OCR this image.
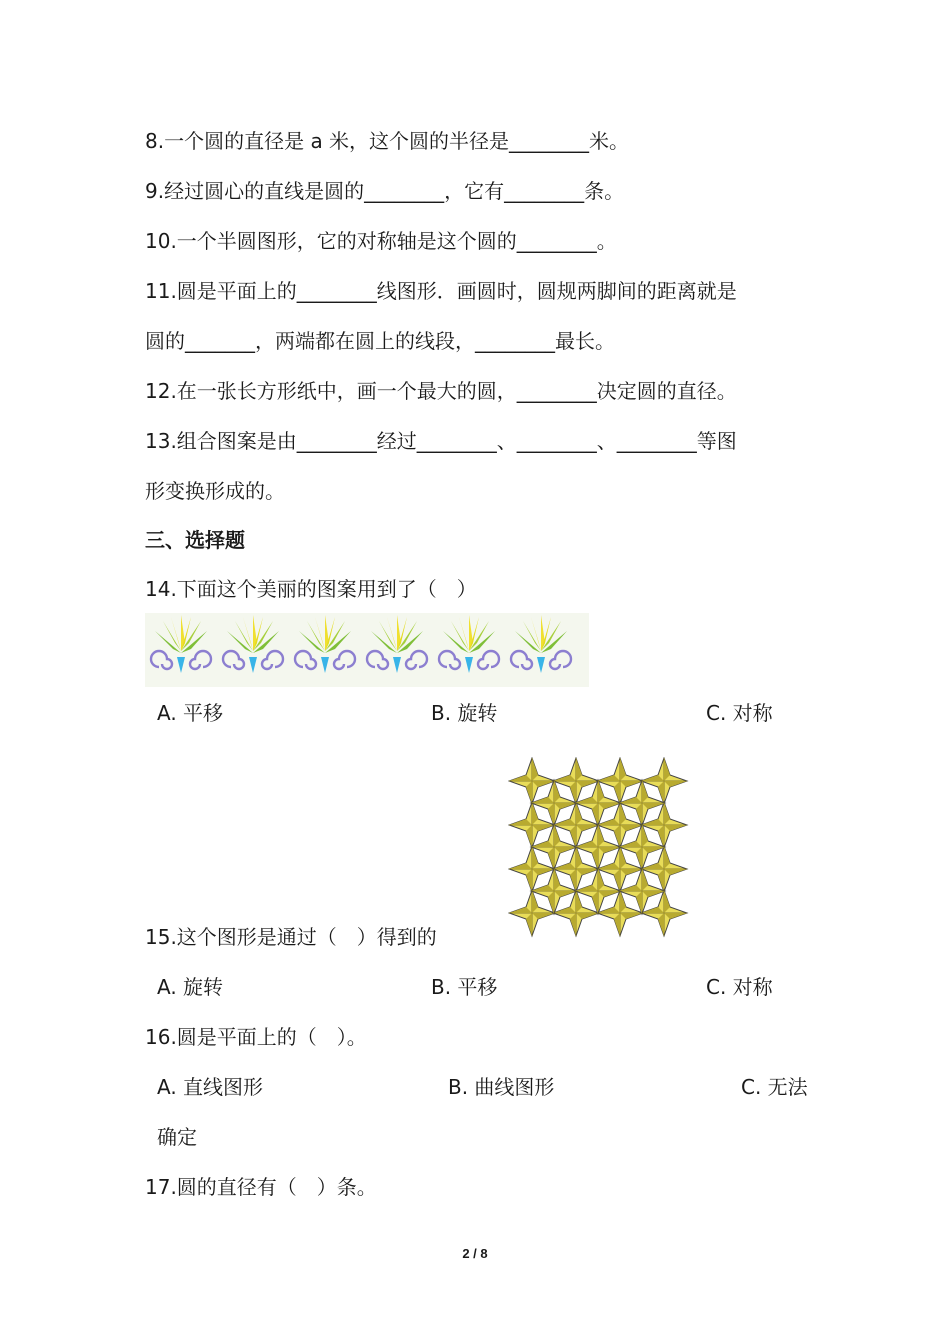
8.一个圆的直径是 a 米，这个圆的半径是________米。
9.经过圆心的直线是圆的________，它有________条。
10.一个半圆图形，它的对称轴是这个圆的________。
11.圆是平面上的________线图形．画圆时，圆规两脚间的距离就是
圆的_______，两端都在圆上的线段，________最长。
12.在一张长方形纸中，画一个最大的圆，________决定圆的直径。
13.组合图案是由________经过________、________、________等图
形变换形成的。
三、选择题
14.下面这个美丽的图案用到了（　）
A. 平移	B. 旋转	C. 对称
15.这个图形是通过（　）得到的
A. 旋转	B. 平移	C. 对称
16.圆是平面上的（　）。
A. 直线图形	B. 曲线图形	C. 无法
确定
17.圆的直径有（　）条。
2 / 8
